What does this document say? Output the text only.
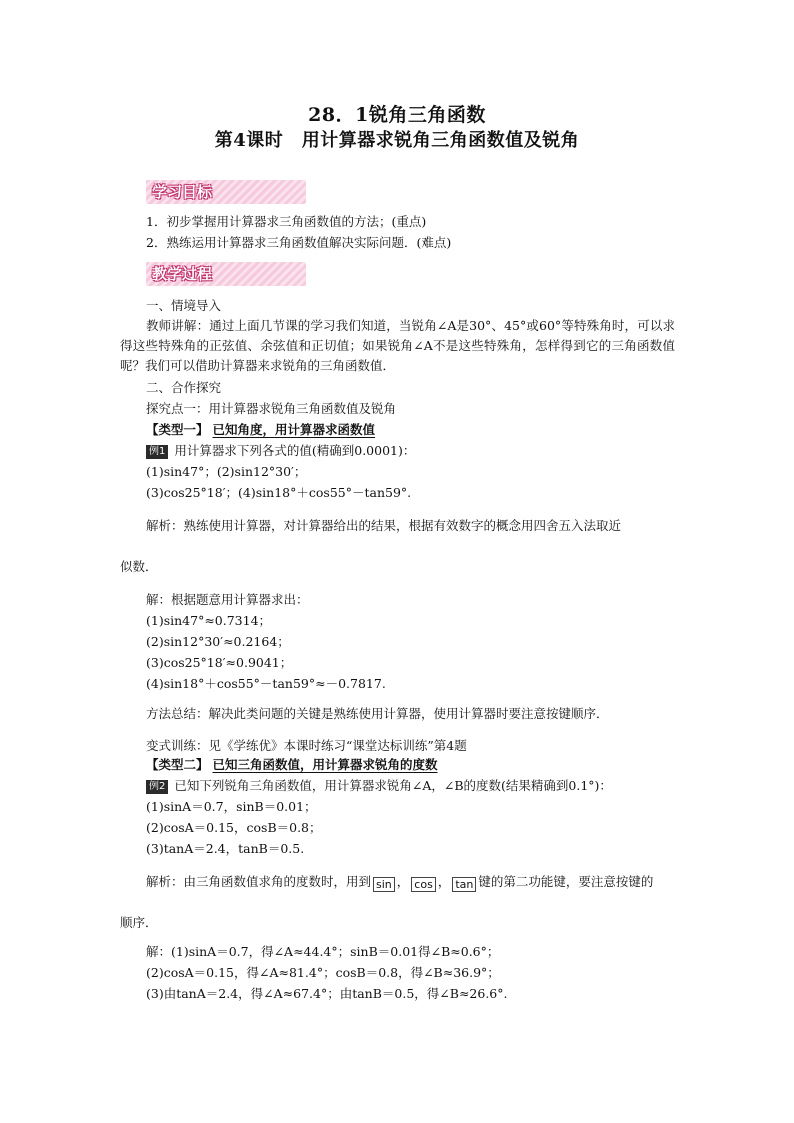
28．1锐角三角函数
第4课时　用计算器求锐角三角函数值及锐角
学习目标
1．初步掌握用计算器求三角函数值的方法；(重点)
2．熟练运用计算器求三角函数值解决实际问题．(难点)
教学过程
一、情境导入
教师讲解：通过上面几节课的学习我们知道，当锐角∠A是30°、45°或60°等特殊角时，可以求得这些特殊角的正弦值、余弦值和正切值；如果锐角∠A不是这些特殊角，怎样得到它的三角函数值呢？我们可以借助计算器来求锐角的三角函数值．
二、合作探究
探究点一：用计算器求锐角三角函数值及锐角
【类型一】 已知角度，用计算器求函数值
例1 用计算器求下列各式的值(精确到0.0001)：
(1)sin47°；(2)sin12°30′；
(3)cos25°18′；(4)sin18°＋cos55°－tan59°.
解析：熟练使用计算器，对计算器给出的结果，根据有效数字的概念用四舍五入法取近
似数．
解：根据题意用计算器求出：
(1)sin47°≈0.7314；
(2)sin12°30′≈0.2164；
(3)cos25°18′≈0.9041；
(4)sin18°＋cos55°－tan59°≈－0.7817.
方法总结：解决此类问题的关键是熟练使用计算器，使用计算器时要注意按键顺序．
变式训练：见《学练优》本课时练习“课堂达标训练”第4题
【类型二】 已知三角函数值，用计算器求锐角的度数
例2 已知下列锐角三角函数值，用计算器求锐角∠A，∠B的度数(结果精确到0.1°)：
(1)sinA＝0.7，sinB＝0.01；
(2)cosA＝0.15，cosB＝0.8；
(3)tanA＝2.4，tanB＝0.5.
解析：由三角函数值求角的度数时，用到 sin ， cos ， tan 键的第二功能键，要注意按键的
顺序．
解：(1)sinA＝0.7，得∠A≈44.4°；sinB＝0.01得∠B≈0.6°；
(2)cosA＝0.15，得∠A≈81.4°；cosB＝0.8，得∠B≈36.9°；
(3)由tanA＝2.4，得∠A≈67.4°；由tanB＝0.5，得∠B≈26.6°.
